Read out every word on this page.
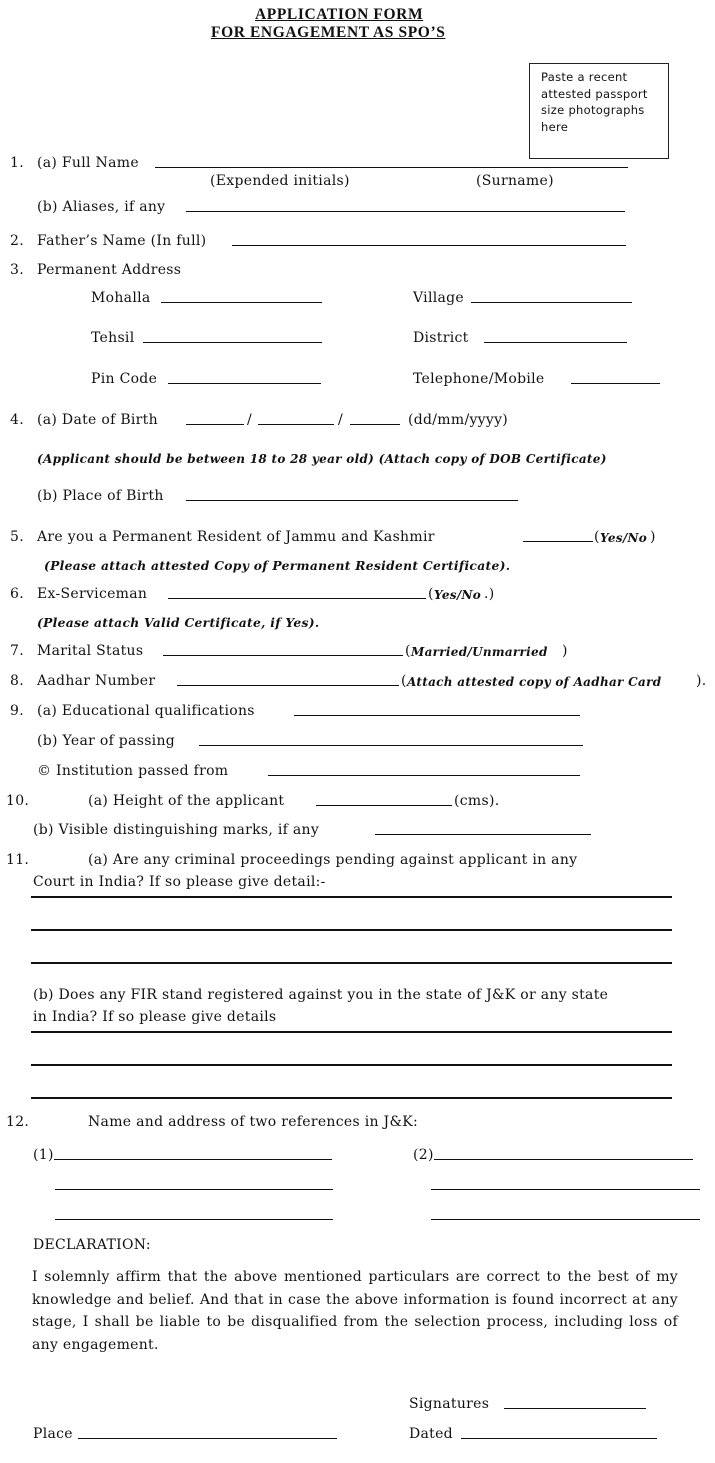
APPLICATION FORM
FOR ENGAGEMENT AS SPO’S
Paste a recent attested passport size photographs here
1. (a) Full Name
(Expended initials)	(Surname)
(b) Aliases, if any
2. Father’s Name (In full)
3. Permanent Address
Mohalla	Village
Tehsil	District
Pin Code	Telephone/Mobile
4. (a) Date of Birth	/	/	(dd/mm/yyyy)
(Applicant should be between 18 to 28 year old) (Attach copy of DOB Certificate)
(b) Place of Birth
5. Are you a Permanent Resident of Jammu and Kashmir	( Yes/No )
(Please attach attested Copy of Permanent Resident Certificate).
6. Ex-Serviceman	( Yes/No .)
(Please attach Valid Certificate, if Yes).
7. Marital Status	( Married/Unmarried )
8. Aadhar Number	( Attach attested copy of Aadhar Card ).
9. (a) Educational qualifications
(b) Year of passing
© Institution passed from
10.	(a) Height of the applicant	(cms).
(b) Visible distinguishing marks, if any
11.	(a) Are any criminal proceedings pending against applicant in any
Court in India? If so please give detail:-
(b) Does any FIR stand registered against you in the state of J&K or any state
in India? If so please give details
12.	Name and address of two references in J&K:
(1)	(2)
DECLARATION:
I solemnly affirm that the above mentioned particulars are correct to the best of my knowledge and belief. And that in case the above information is found incorrect at any stage, I shall be liable to be disqualified from the selection process, including loss of any engagement.
Signatures
Place	Dated
